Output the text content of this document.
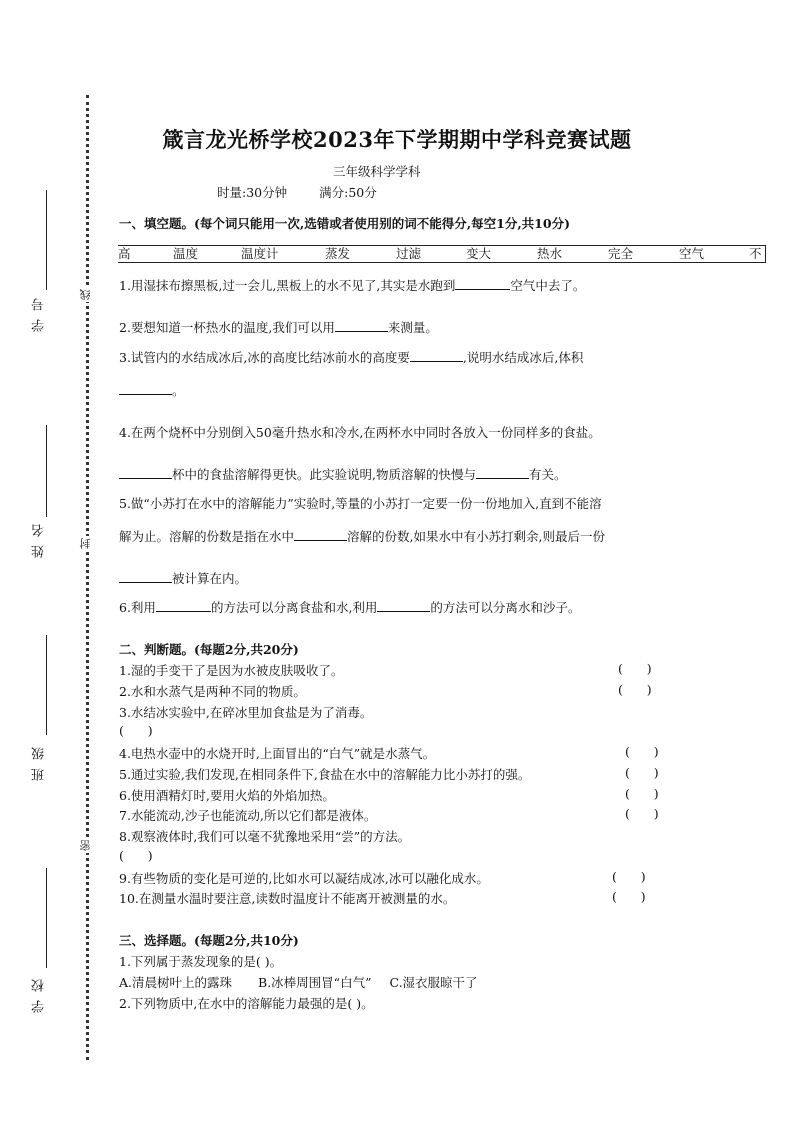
学 号
姓 名
班 级
学 校
线
封
密
箴言龙光桥学校2023年下学期期中学科竞赛试题
三年级科学学科
时量:30分钟	满分:50分
一、填空题。(每个词只能用一次,选错或者使用别的词不能得分,每空1分,共10分)
高	温度	温度计	蒸发	过滤	变大	热水	完全	空气	不
1.用湿抹布擦黑板,过一会儿,黑板上的水不见了,其实是水跑到	空气中去了。
2.要想知道一杯热水的温度,我们可以用	来测量。
3.试管内的水结成冰后,冰的高度比结冰前水的高度要	,说明水结成冰后,体积
。
4.在两个烧杯中分别倒入50毫升热水和冷水,在两杯水中同时各放入一份同样多的食盐。
杯中的食盐溶解得更快。此实验说明,物质溶解的快慢与	有关。
5.做“小苏打在水中的溶解能力”实验时,等量的小苏打一定要一份一份地加入,直到不能溶
解为止。溶解的份数是指在水中	溶解的份数,如果水中有小苏打剩余,则最后一份
被计算在内。
6.利用	的方法可以分离食盐和水,利用	的方法可以分离水和沙子。
二、判断题。(每题2分,共20分)
1.湿的手变干了是因为水被皮肤吸收了。	(      )
2.水和水蒸气是两种不同的物质。	(      )
3.水结冰实验中,在碎冰里加食盐是为了消毒。
(      )
4.电热水壶中的水烧开时,上面冒出的“白气”就是水蒸气。	(      )
5.通过实验,我们发现,在相同条件下,食盐在水中的溶解能力比小苏打的强。	(      )
6.使用酒精灯时,要用火焰的外焰加热。	(      )
7.水能流动,沙子也能流动,所以它们都是液体。	(      )
8.观察液体时,我们可以毫不犹豫地采用“尝”的方法。
(      )
9.有些物质的变化是可逆的,比如水可以凝结成冰,冰可以融化成水。	(      )
10.在测量水温时要注意,读数时温度计不能离开被测量的水。	(      )
三、选择题。(每题2分,共10分)
1.下列属于蒸发现象的是( )。
A.清晨树叶上的露珠 B.冰棒周围冒“白气” C.湿衣服晾干了
2.下列物质中,在水中的溶解能力最强的是( )。
